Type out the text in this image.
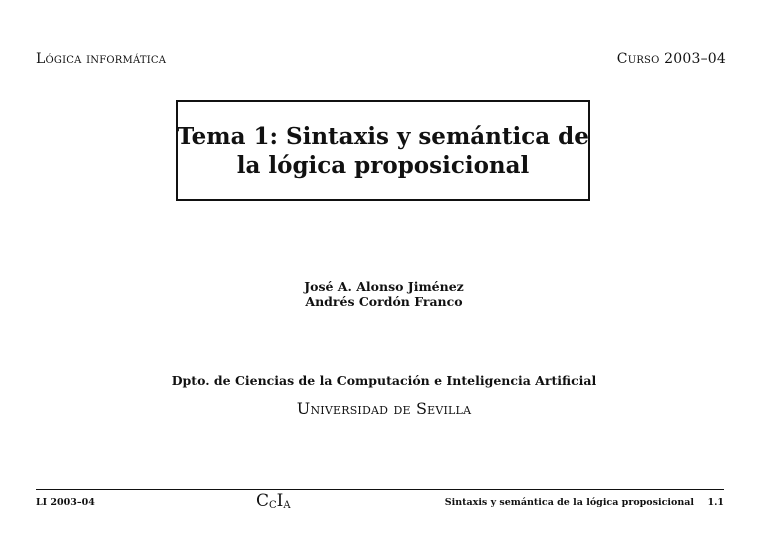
Lógica informática	Curso 2003–04
Tema 1: Sintaxis y semántica de
la lógica proposicional
José A. Alonso Jiménez
Andrés Cordón Franco
Dpto. de Ciencias de la Computación e Inteligencia Artificial
Universidad de Sevilla
LI 2003–04	$C_CI_A$	Sintaxis y semántica de la lógica proposicional 1.1
